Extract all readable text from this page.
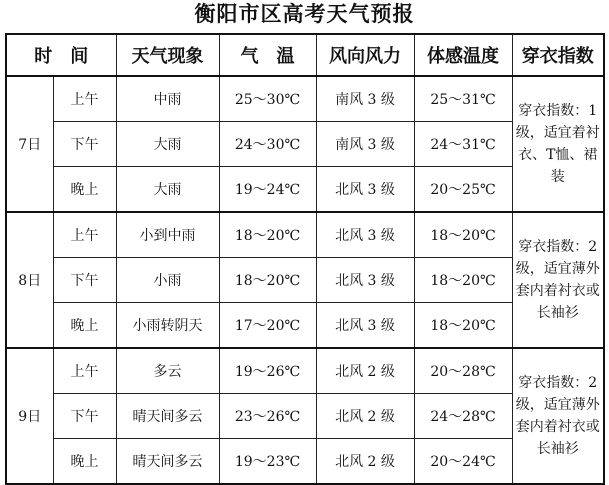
衡阳市区高考天气预报
时　间		天气现象	气　温	风向风力	体感温度	穿衣指数
7日	上午	中雨	25～30℃	南风 3 级	25～31℃	穿衣指数：1级，适宜着衬衣、T恤、裙装
	下午	大雨	24～30℃	南风 3 级	24～31℃	
	晚上	大雨	19～24℃	北风 3 级	20～25℃	
8日	上午	小到中雨	18～20℃	北风 3 级	18～20℃	穿衣指数：2级，适宜薄外套内着衬衣或长袖衫
	下午	小雨	18～20℃	北风 3 级	18～20℃	
	晚上	小雨转阴天	17～20℃	北风 3 级	18～20℃	
9日	上午	多云	19～26℃	北风 2 级	20～28℃	穿衣指数：2级，适宜薄外套内着衬衣或长袖衫
	下午	晴天间多云	23～26℃	北风 2 级	24～28℃	
	晚上	晴天间多云	19～23℃	北风 2 级	20～24℃	
